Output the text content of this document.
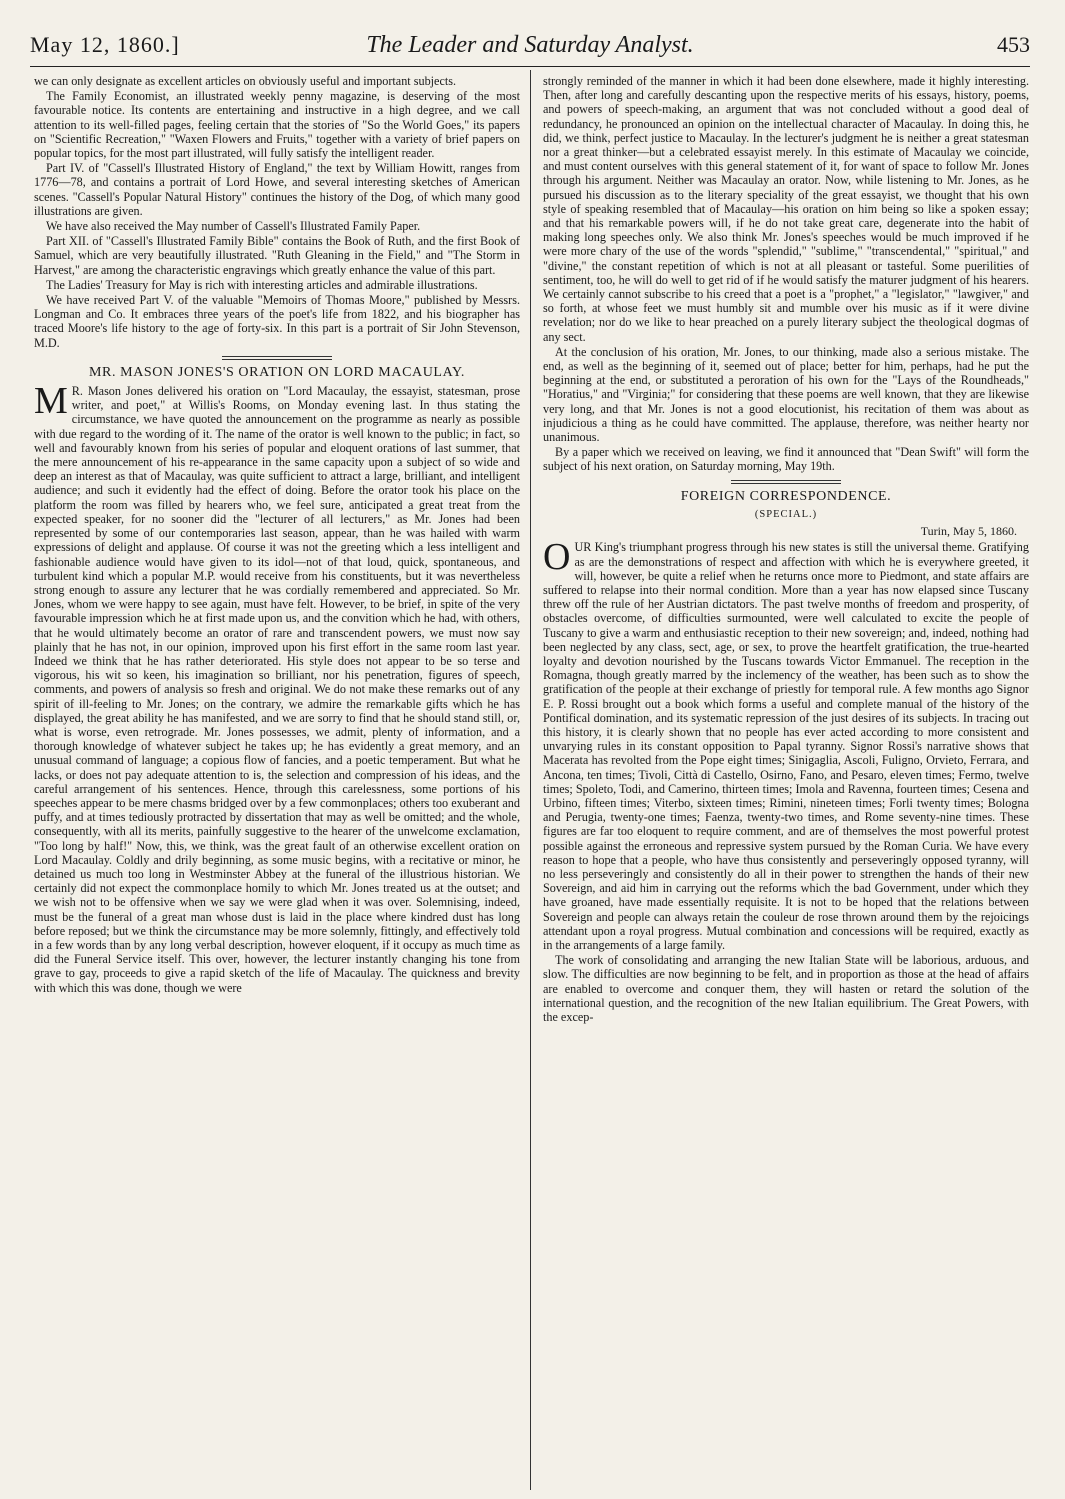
The Leader and Saturday Analyst.
May 12, 1860.]	453

we can only designate as excellent articles on obviously useful and important subjects.

The Family Economist, an illustrated weekly penny magazine, is deserving of the most favourable notice. Its contents are entertaining and instructive in a high degree, and we call attention to its well-filled pages, feeling certain that the stories of "So the World Goes," its papers on "Scientific Recreation," "Waxen Flowers and Fruits," together with a variety of brief papers on popular topics, for the most part illustrated, will fully satisfy the intelligent reader.

Part IV. of "Cassell's Illustrated History of England," the text by William Howitt, ranges from 1776—78, and contains a portrait of Lord Howe, and several interesting sketches of American scenes. "Cassell's Popular Natural History" continues the history of the Dog, of which many good illustrations are given.

We have also received the May number of Cassell's Illustrated Family Paper.

Part XII. of "Cassell's Illustrated Family Bible" contains the Book of Ruth, and the first Book of Samuel, which are very beautifully illustrated. "Ruth Gleaning in the Field," and "The Storm in Harvest," are among the characteristic engravings which greatly enhance the value of this part.

The Ladies' Treasury for May is rich with interesting articles and admirable illustrations.

We have received Part V. of the valuable "Memoirs of Thomas Moore," published by Messrs. Longman and Co. It embraces three years of the poet's life from 1822, and his biographer has traced Moore's life history to the age of forty-six. In this part is a portrait of Sir John Stevenson, M.D.

MR. MASON JONES'S ORATION ON LORD MACAULAY.

M R. Mason Jones delivered his oration on "Lord Macaulay, the essayist, statesman, prose writer, and poet," at Willis's Rooms, on Monday evening last. In thus stating the circumstance, we have quoted the announcement on the programme as nearly as possible with due regard to the wording of it. The name of the orator is well known to the public; in fact, so well and favourably known from his series of popular and eloquent orations of last summer, that the mere announcement of his re-appearance in the same capacity upon a subject of so wide and deep an interest as that of Macaulay, was quite sufficient to attract a large, brilliant, and intelligent audience; and such it evidently had the effect of doing. Before the orator took his place on the platform the room was filled by hearers who, we feel sure, anticipated a great treat from the expected speaker, for no sooner did the "lecturer of all lecturers," as Mr. Jones had been represented by some of our contemporaries last season, appear, than he was hailed with warm expressions of delight and applause. Of course it was not the greeting which a less intelligent and fashionable audience would have given to its idol—not of that loud, quick, spontaneous, and turbulent kind which a popular M.P. would receive from his constituents, but it was nevertheless strong enough to assure any lecturer that he was cordially remembered and appreciated. So Mr. Jones, whom we were happy to see again, must have felt. However, to be brief, in spite of the very favourable impression which he at first made upon us, and the convition which he had, with others, that he would ultimately become an orator of rare and transcendent powers, we must now say plainly that he has not, in our opinion, improved upon his first effort in the same room last year. Indeed we think that he has rather deteriorated. His style does not appear to be so terse and vigorous, his wit so keen, his imagination so brilliant, nor his penetration, figures of speech, comments, and powers of analysis so fresh and original. We do not make these remarks out of any spirit of ill-feeling to Mr. Jones; on the contrary, we admire the remarkable gifts which he has displayed, the great ability he has manifested, and we are sorry to find that he should stand still, or, what is worse, even retrograde. Mr. Jones possesses, we admit, plenty of information, and a thorough knowledge of whatever subject he takes up; he has evidently a great memory, and an unusual command of language; a copious flow of fancies, and a poetic temperament. But what he lacks, or does not pay adequate attention to is, the selection and compression of his ideas, and the careful arrangement of his sentences. Hence, through this carelessness, some portions of his speeches appear to be mere chasms bridged over by a few commonplaces; others too exuberant and puffy, and at times tediously protracted by dissertation that may as well be omitted; and the whole, consequently, with all its merits, painfully suggestive to the hearer of the unwelcome exclamation, "Too long by half!" Now, this, we think, was the great fault of an otherwise excellent oration on Lord Macaulay. Coldly and drily beginning, as some music begins, with a recitative or minor, he detained us much too long in Westminster Abbey at the funeral of the illustrious historian. We certainly did not expect the commonplace homily to which Mr. Jones treated us at the outset; and we wish not to be offensive when we say we were glad when it was over. Solemnising, indeed, must be the funeral of a great man whose dust is laid in the place where kindred dust has long before reposed; but we think the circumstance may be more solemnly, fittingly, and effectively told in a few words than by any long verbal description, however eloquent, if it occupy as much time as did the Funeral Service itself. This over, however, the lecturer instantly changing his tone from grave to gay, proceeds to give a rapid sketch of the life of Macaulay. The quickness and brevity with which this was done, though we were

strongly reminded of the manner in which it had been done elsewhere, made it highly interesting. Then, after long and carefully descanting upon the respective merits of his essays, history, poems, and powers of speech-making, an argument that was not concluded without a good deal of redundancy, he pronounced an opinion on the intellectual character of Macaulay. In doing this, he did, we think, perfect justice to Macaulay. In the lecturer's judgment he is neither a great statesman nor a great thinker—but a celebrated essayist merely. In this estimate of Macaulay we coincide, and must content ourselves with this general statement of it, for want of space to follow Mr. Jones through his argument. Neither was Macaulay an orator. Now, while listening to Mr. Jones, as he pursued his discussion as to the literary speciality of the great essayist, we thought that his own style of speaking resembled that of Macaulay—his oration on him being so like a spoken essay; and that his remarkable powers will, if he do not take great care, degenerate into the habit of making long speeches only. We also think Mr. Jones's speeches would be much improved if he were more chary of the use of the words "splendid," "sublime," "transcendental," "spiritual," and "divine," the constant repetition of which is not at all pleasant or tasteful. Some puerilities of sentiment, too, he will do well to get rid of if he would satisfy the maturer judgment of his hearers. We certainly cannot subscribe to his creed that a poet is a "prophet," a "legislator," "lawgiver," and so forth, at whose feet we must humbly sit and mumble over his music as if it were divine revelation; nor do we like to hear preached on a purely literary subject the theological dogmas of any sect.

At the conclusion of his oration, Mr. Jones, to our thinking, made also a serious mistake. The end, as well as the beginning of it, seemed out of place; better for him, perhaps, had he put the beginning at the end, or substituted a peroration of his own for the "Lays of the Roundheads," "Horatius," and "Virginia;" for considering that these poems are well known, that they are likewise very long, and that Mr. Jones is not a good elocutionist, his recitation of them was about as injudicious a thing as he could have committed. The applause, therefore, was neither hearty nor unanimous.

By a paper which we received on leaving, we find it announced that "Dean Swift" will form the subject of his next oration, on Saturday morning, May 19th.

FOREIGN CORRESPONDENCE.
(SPECIAL.)
Turin, May 5, 1860.

OUR King's triumphant progress through his new states is still the universal theme. Gratifying as are the demonstrations of respect and affection with which he is everywhere greeted, it will, however, be quite a relief when he returns once more to Piedmont, and state affairs are suffered to relapse into their normal condition. More than a year has now elapsed since Tuscany threw off the rule of her Austrian dictators. The past twelve months of freedom and prosperity, of obstacles overcome, of difficulties surmounted, were well calculated to excite the people of Tuscany to give a warm and enthusiastic reception to their new sovereign; and, indeed, nothing had been neglected by any class, sect, age, or sex, to prove the heartfelt gratification, the true-hearted loyalty and devotion nourished by the Tuscans towards Victor Emmanuel. The reception in the Romagna, though greatly marred by the inclemency of the weather, has been such as to show the gratification of the people at their exchange of priestly for temporal rule. A few months ago Signor E. P. Rossi brought out a book which forms a useful and complete manual of the history of the Pontifical domination, and its systematic repression of the just desires of its subjects. In tracing out this history, it is clearly shown that no people has ever acted according to more consistent and unvarying rules in its constant opposition to Papal tyranny. Signor Rossi's narrative shows that Macerata has revolted from the Pope eight times; Sinigaglia, Ascoli, Fuligno, Orvieto, Ferrara, and Ancona, ten times; Tivoli, Città di Castello, Osirno, Fano, and Pesaro, eleven times; Fermo, twelve times; Spoleto, Todi, and Camerino, thirteen times; Imola and Ravenna, fourteen times; Cesena and Urbino, fifteen times; Viterbo, sixteen times; Rimini, nineteen times; Forli twenty times; Bologna and Perugia, twenty-one times; Faenza, twenty-two times, and Rome seventy-nine times. These figures are far too eloquent to require comment, and are of themselves the most powerful protest possible against the erroneous and repressive system pursued by the Roman Curia. We have every reason to hope that a people, who have thus consistently and perseveringly opposed tyranny, will no less perseveringly and consistently do all in their power to strengthen the hands of their new Sovereign, and aid him in carrying out the reforms which the bad Government, under which they have groaned, have made essentially requisite. It is not to be hoped that the relations between Sovereign and people can always retain the couleur de rose thrown around them by the rejoicings attendant upon a royal progress. Mutual combination and concessions will be required, exactly as in the arrangements of a large family.

The work of consolidating and arranging the new Italian State will be laborious, arduous, and slow. The difficulties are now beginning to be felt, and in proportion as those at the head of affairs are enabled to overcome and conquer them, they will hasten or retard the solution of the international question, and the recognition of the new Italian equilibrium. The Great Powers, with the excep-
